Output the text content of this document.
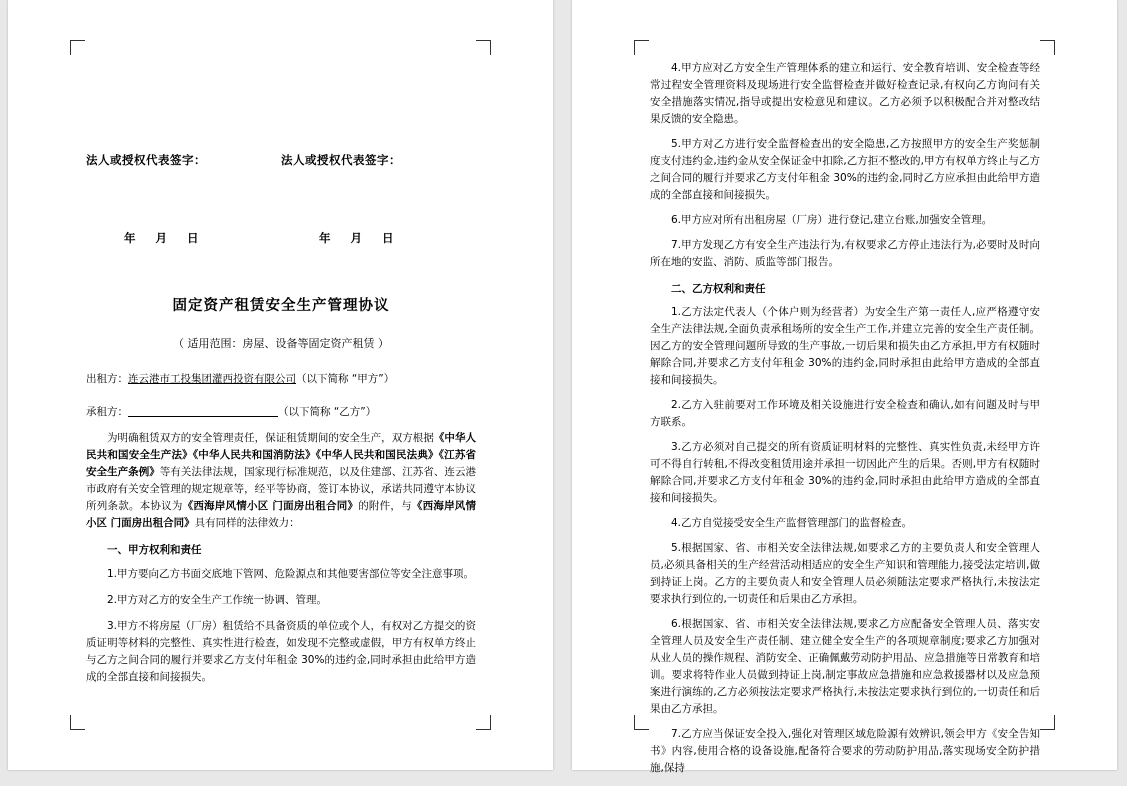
法人或授权代表签字：	法人或授权代表签字：
年 月 日	年 月 日
固定资产租赁安全生产管理协议
（ 适用范围：房屋、设备等固定资产租赁 ）
出租方：连云港市工投集团灌西投资有限公司（以下简称 “甲方”）
承租方：	（以下简称 “乙方”）

为明确租赁双方的安全管理责任，保证租赁期间的安全生产，双方根据《中华人民共和国安全生产法》《中华人民共和国消防法》《中华人民共和国民法典》《江苏省安全生产条例》等有关法律法规，国家现行标准规范，以及住建部、江苏省、连云港市政府有关安全管理的规定规章等，经平等协商，签订本协议，承诺共同遵守本协议所列条款。本协议为《西海岸风情小区 门面房出租合同》的附件，与《西海岸风情小区 门面房出租合同》具有同样的法律效力：

一、甲方权利和责任

1.甲方要向乙方书面交底地下管网、危险源点和其他要害部位等安全注意事项。

2.甲方对乙方的安全生产工作统一协调、管理。

3.甲方不将房屋（厂房）租赁给不具备资质的单位或个人，有权对乙方提交的资质证明等材料的完整性、真实性进行检查，如发现不完整或虚假，甲方有权单方终止与乙方之间合同的履行并要求乙方支付年租金 30%的违约金,同时承担由此给甲方造成的全部直接和间接损失。

4.甲方应对乙方安全生产管理体系的建立和运行、安全教育培训、安全检查等经常过程安全管理资料及现场进行安全监督检查并做好检查记录,有权向乙方询问有关安全措施落实情况,指导或提出安检意见和建议。乙方必须予以积极配合并对整改结果反馈的安全隐患。

5.甲方对乙方进行安全监督检查出的安全隐患,乙方按照甲方的安全生产奖惩制度支付违约金,违约金从安全保证金中扣除,乙方拒不整改的,甲方有权单方终止与乙方之间合同的履行并要求乙方支付年租金 30%的违约金,同时乙方应承担由此给甲方造成的全部直接和间接损失。

6.甲方应对所有出租房屋（厂房）进行登记,建立台账,加强安全管理。

7.甲方发现乙方有安全生产违法行为,有权要求乙方停止违法行为,必要时及时向所在地的安监、消防、质监等部门报告。

二、乙方权利和责任

1.乙方法定代表人（个体户则为经营者）为安全生产第一责任人,应严格遵守安全生产法律法规,全面负责承租场所的安全生产工作,并建立完善的安全生产责任制。因乙方的安全管理问题所导致的生产事故,一切后果和损失由乙方承担,甲方有权随时解除合同,并要求乙方支付年租金 30%的违约金,同时承担由此给甲方造成的全部直接和间接损失。

2.乙方入驻前要对工作环境及相关设施进行安全检查和确认,如有问题及时与甲方联系。

3.乙方必须对自己提交的所有资质证明材料的完整性、真实性负责,未经甲方许可不得自行转租,不得改变租赁用途并承担一切因此产生的后果。否则,甲方有权随时解除合同,并要求乙方支付年租金 30%的违约金,同时承担由此给甲方造成的全部直接和间接损失。

4.乙方自觉接受安全生产监督管理部门的监督检查。

5.根据国家、省、市相关安全法律法规,如要求乙方的主要负责人和安全管理人员,必须具备相关的生产经营活动相适应的安全生产知识和管理能力,接受法定培训,做到持证上岗。乙方的主要负责人和安全管理人员必须随法定要求严格执行,未按法定要求执行到位的,一切责任和后果由乙方承担。

6.根据国家、省、市相关安全法律法规,要求乙方应配备安全管理人员、落实安全管理人员及安全生产责任制、建立健全安全生产的各项规章制度;要求乙方加强对从业人员的操作规程、消防安全、正确佩戴劳动防护用品、应急措施等日常教育和培训。要求将特作业人员做到持证上岗,制定事故应急措施和应急救援器材以及应急预案进行演练的,乙方必须按法定要求严格执行,未按法定要求执行到位的,一切责任和后果由乙方承担。

7.乙方应当保证安全投入,强化对管理区域危险源有效辨识,领会甲方《安全告知书》内容,使用合格的设备设施,配备符合要求的劳动防护用品,落实现场安全防护措施,保持
